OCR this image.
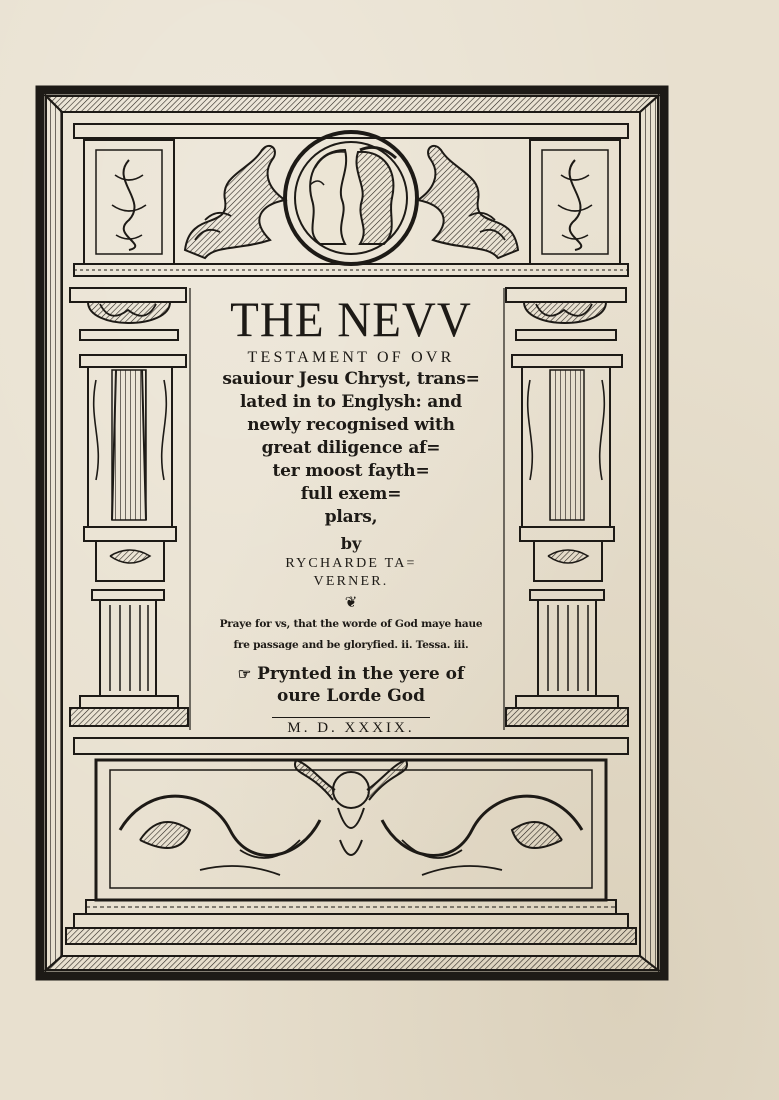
THE NEVV
TESTAMENT OF OVR
sauiour Jesu Chryst, trans=
lated in to Englysh: and
newly recognised with
great diligence af=
ter moost fayth=
full exem=
plars,
by
RYCHARDE TA=
VERNER.
❦
Praye for vs, that the worde of God maye haue
fre passage and be gloryfied. ii. Tessa. iii.
☞ Prynted in the yere of
oure Lorde God
M. D. XXXIX.
